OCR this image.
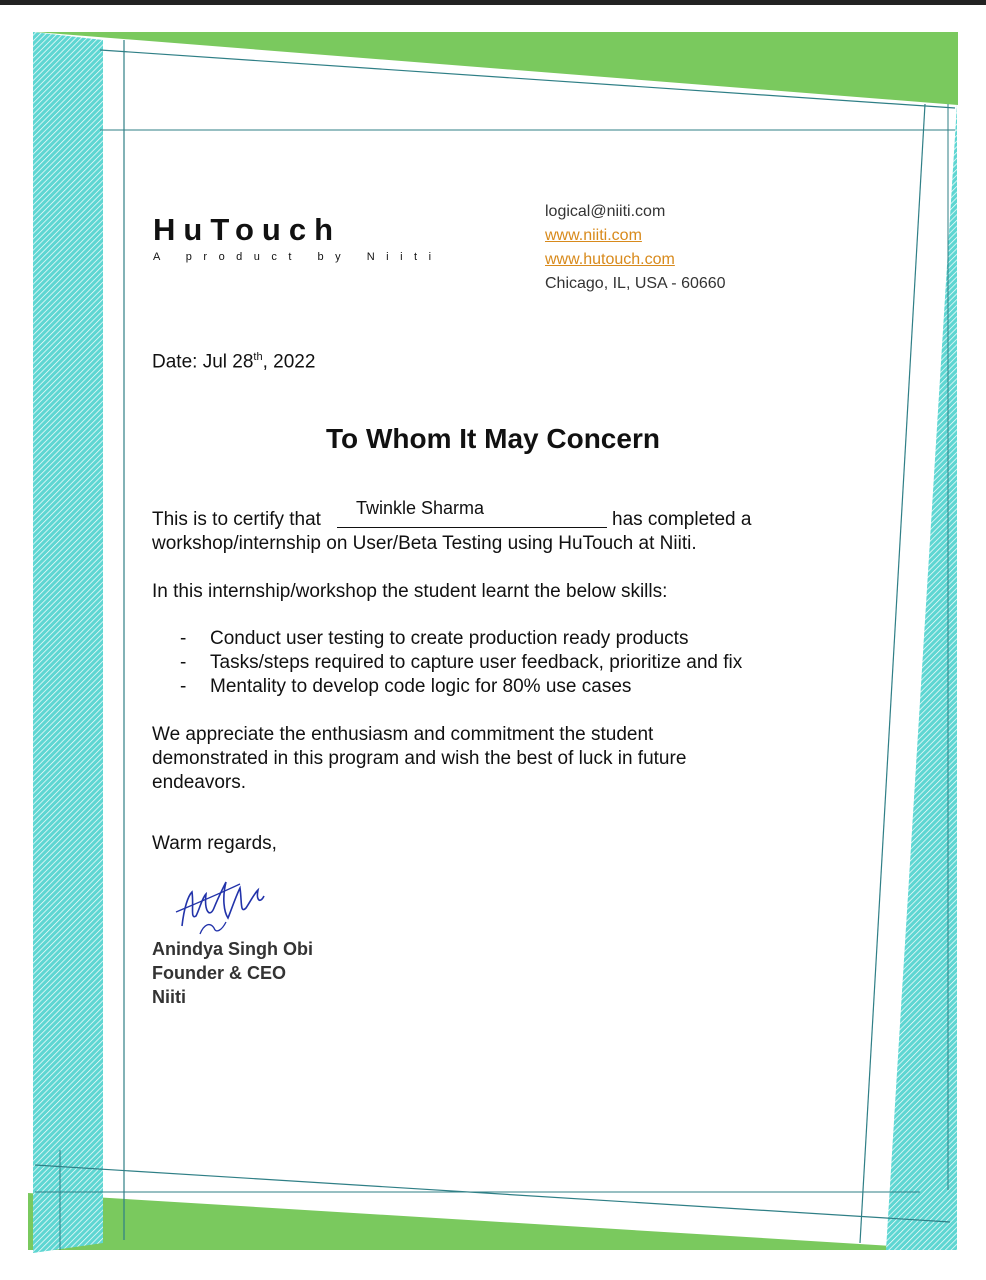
HuTouch
A product by Niiti
logical@niiti.com
www.niiti.com
www.hutouch.com
Chicago, IL, USA - 60660
Date: Jul 28th, 2022
To Whom It May Concern
This is to certify that
Twinkle Sharma
has completed a
workshop/internship on User/Beta Testing using HuTouch at Niiti.
In this internship/workshop the student learnt the below skills:
- Conduct user testing to create production ready products
- Tasks/steps required to capture user feedback, prioritize and fix
- Mentality to develop code logic for 80% use cases
We appreciate the enthusiasm and commitment the student
demonstrated in this program and wish the best of luck in future
endeavors.
Warm regards,
Anindya Singh Obi
Founder & CEO
Niiti
